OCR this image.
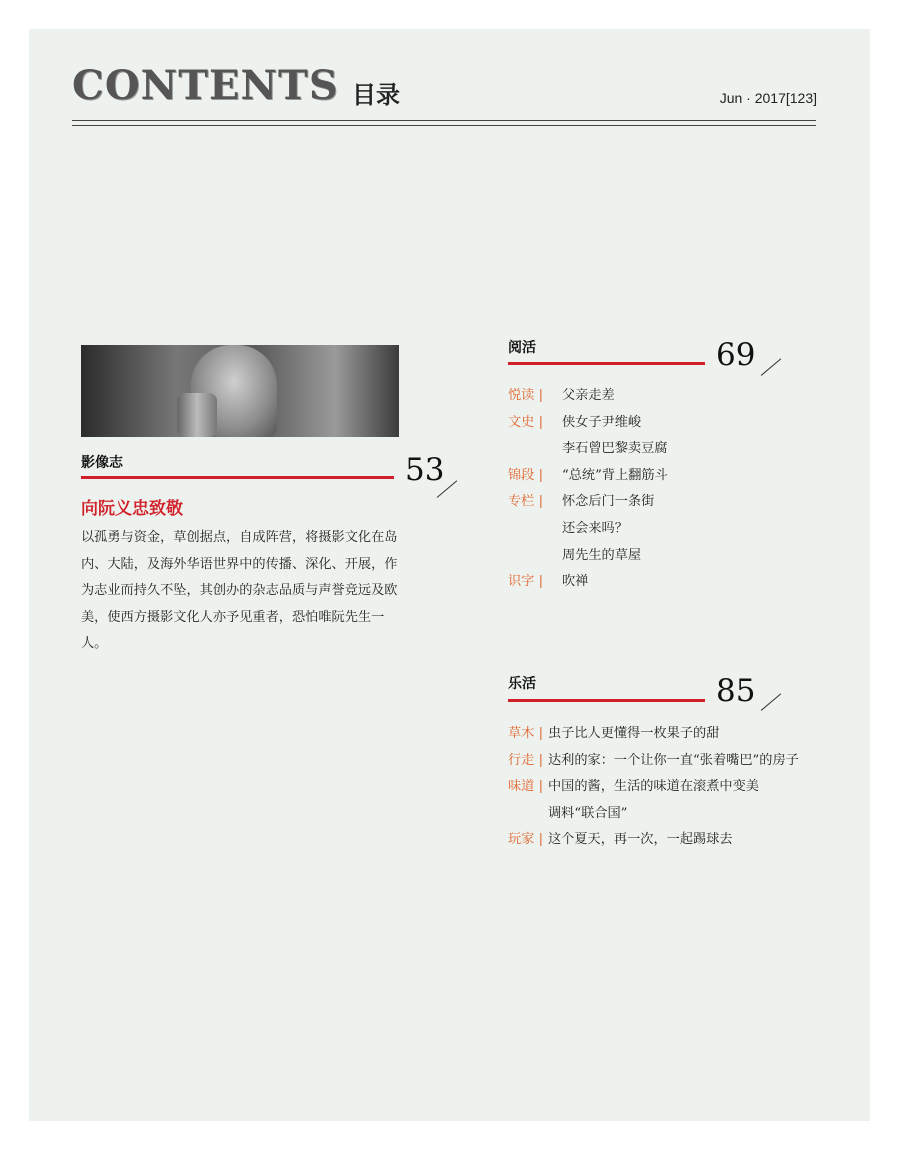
CONTENTS 目录	Jun · 2017[123]
影像志	53
向阮义忠致敬
以孤勇与资金，草创据点，自成阵营，将摄影文化在岛内、大陆，及海外华语世界中的传播、深化、开展，作为志业而持久不坠，其创办的杂志品质与声誉竞远及欧美，使西方摄影文化人亦予见重者，恐怕唯阮先生一人。
阅活	69
悦读 |	父亲走差
文史 |	侠女子尹维峻
李石曾巴黎卖豆腐
锦段 |	“总统”背上翻筋斗
专栏 |	怀念后门一条街
还会来吗？
周先生的草屋
识字 |	吹禅
乐活	85
草木 | 虫子比人更懂得一枚果子的甜
行走 | 达利的家：一个让你一直“张着嘴巴”的房子
味道 | 中国的酱，生活的味道在滚煮中变美
调料“联合国”
玩家 | 这个夏天，再一次，一起踢球去
